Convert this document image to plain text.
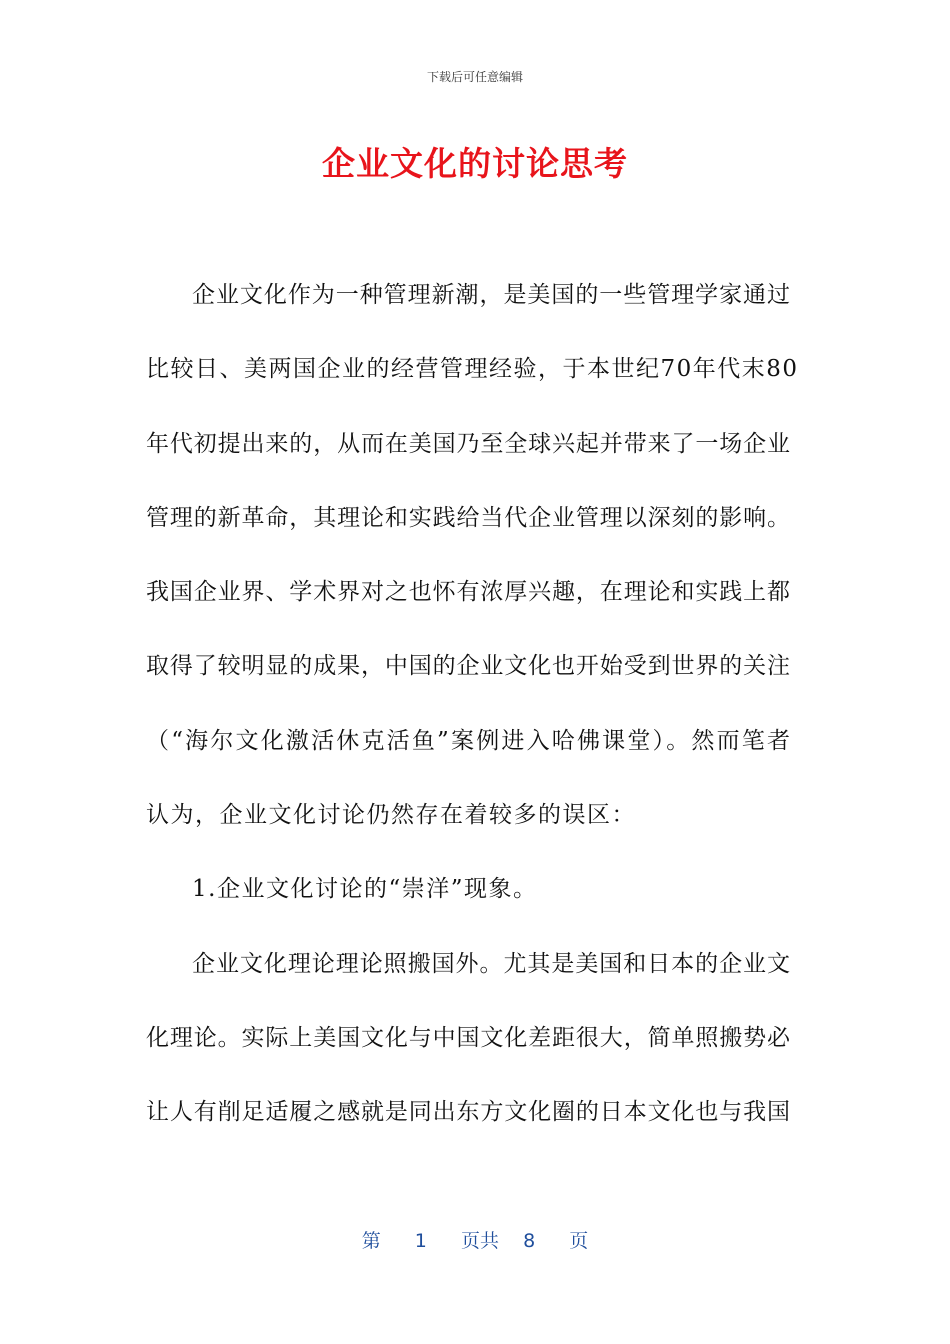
下载后可任意编辑
企业文化的讨论思考
企业文化作为一种管理新潮，是美国的一些管理学家通过
比较日、美两国企业的经营管理经验，于本世纪70年代末80
年代初提出来的，从而在美国乃至全球兴起并带来了一场企业
管理的新革命，其理论和实践给当代企业管理以深刻的影响。
我国企业界、学术界对之也怀有浓厚兴趣，在理论和实践上都
取得了较明显的成果，中国的企业文化也开始受到世界的关注
（“海尔文化激活休克活鱼”案例进入哈佛课堂）。然而笔者
认为，企业文化讨论仍然存在着较多的误区：
1.企业文化讨论的“崇洋”现象。
企业文化理论理论照搬国外。尤其是美国和日本的企业文
化理论。实际上美国文化与中国文化差距很大，简单照搬势必
让人有削足适履之感就是同出东方文化圈的日本文化也与我国
第 1 页共 8 页
